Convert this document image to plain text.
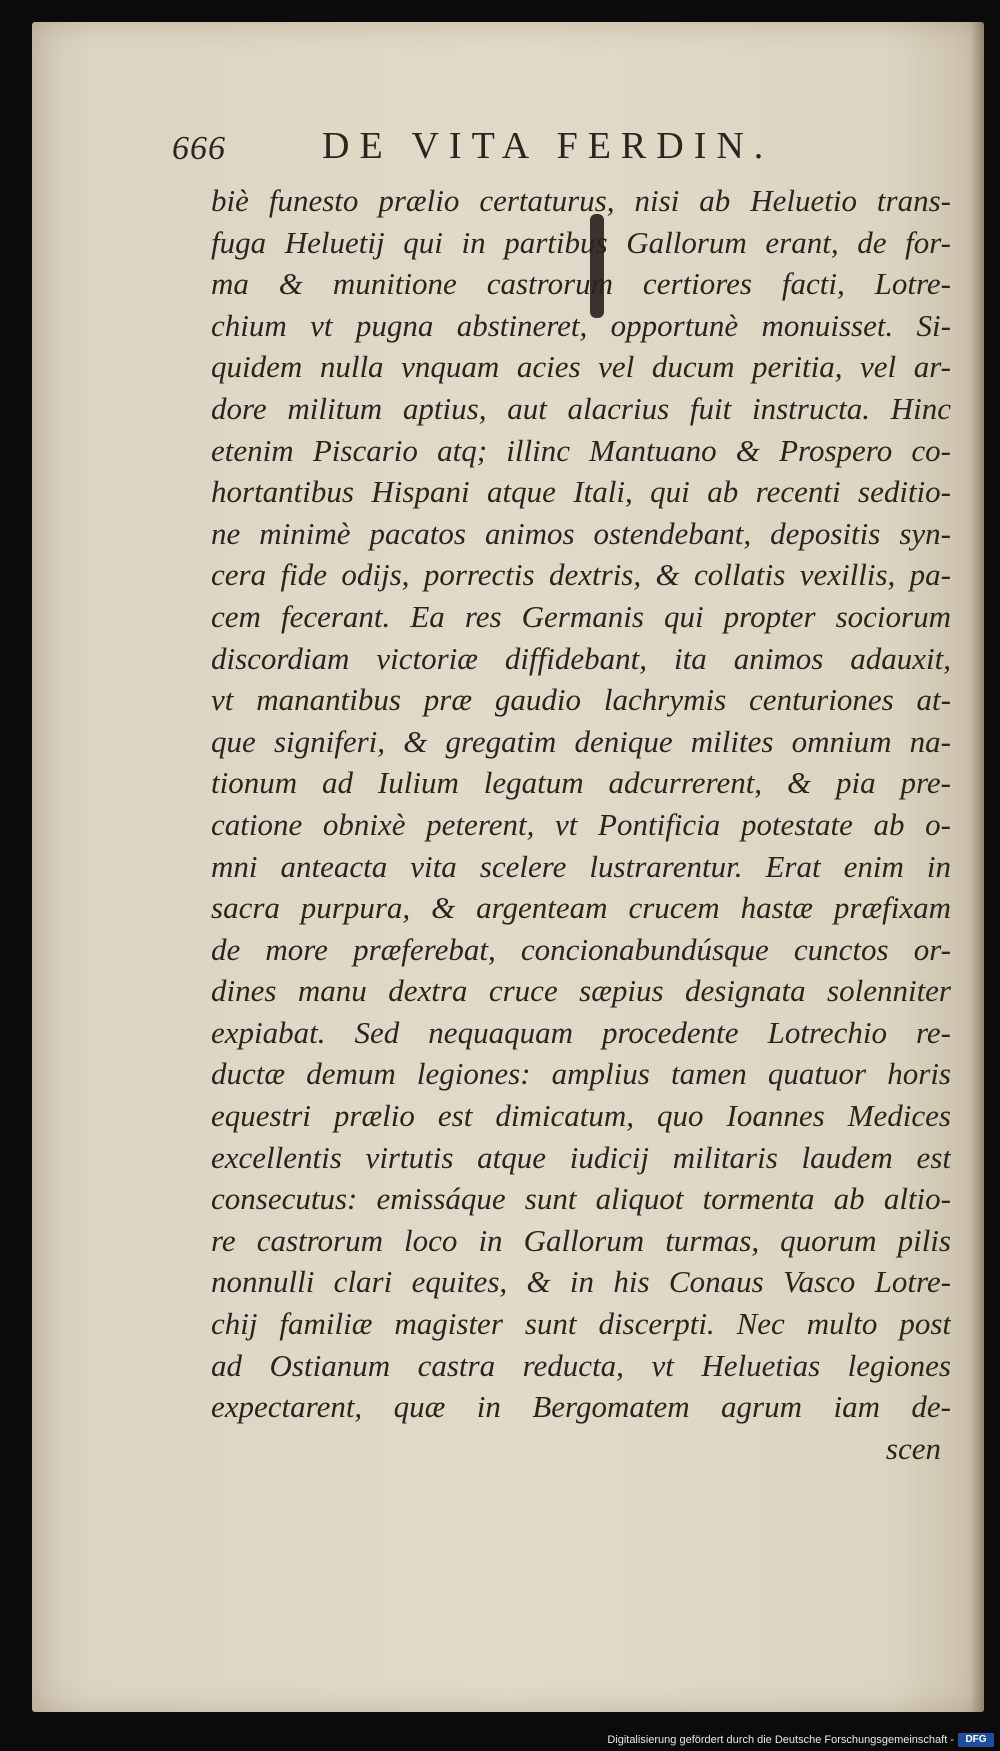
666	DE VITA FERDIN.
biè funesto prælio certaturus, nisi ab Heluetio trans-
fuga Heluetij qui in partibus Gallorum erant, de for-
ma & munitione castrorum certiores facti, Lotre-
chium vt pugna abstineret, opportunè monuisset. Si-
quidem nulla vnquam acies vel ducum peritia, vel ar-
dore militum aptius, aut alacrius fuit instructa. Hinc
etenim Piscario atq; illinc Mantuano & Prospero co-
hortantibus Hispani atque Itali, qui ab recenti seditio-
ne minimè pacatos animos ostendebant, depositis syn-
cera fide odijs, porrectis dextris, & collatis vexillis, pa-
cem fecerant. Ea res Germanis qui propter sociorum
discordiam victoriæ diffidebant, ita animos adauxit,
vt manantibus præ gaudio lachrymis centuriones at-
que signiferi, & gregatim denique milites omnium na-
tionum ad Iulium legatum adcurrerent, & pia pre-
catione obnixè peterent, vt Pontificia potestate ab o-
mni anteacta vita scelere lustrarentur. Erat enim in
sacra purpura, & argenteam crucem hastæ præfixam
de more præferebat, concionabundúsque cunctos or-
dines manu dextra cruce sæpius designata solenniter
expiabat. Sed nequaquam procedente Lotrechio re-
ductæ demum legiones: amplius tamen quatuor horis
equestri prælio est dimicatum, quo Ioannes Medices
excellentis virtutis atque iudicij militaris laudem est
consecutus: emissáque sunt aliquot tormenta ab altio-
re castrorum loco in Gallorum turmas, quorum pilis
nonnulli clari equites, & in his Conaus Vasco Lotre-
chij familiæ magister sunt discerpti. Nec multo post
ad Ostianum castra reducta, vt Heluetias legiones
expectarent, quæ in Bergomatem agrum iam de-
scen
Digitalisierung gefördert durch die Deutsche Forschungsgemeinschaft -	DFG
